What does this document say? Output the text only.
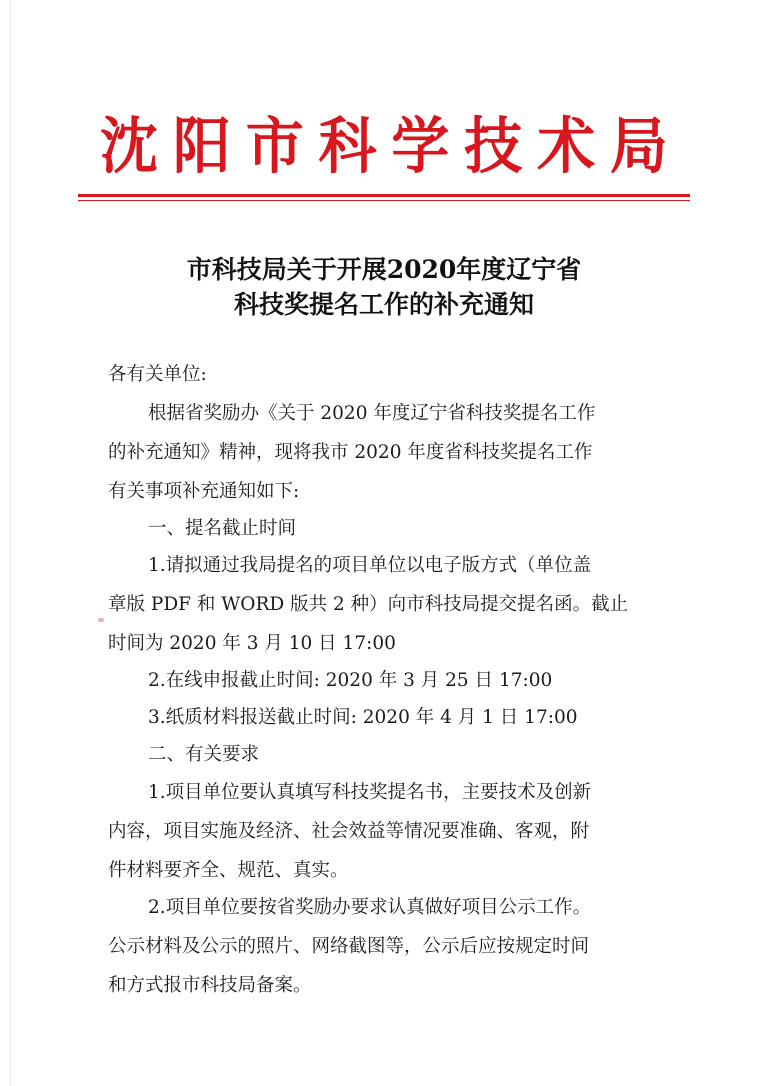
沈 阳 市 科 学 技 术 局
市科技局关于开展2020年度辽宁省
科技奖提名工作的补充通知
各有关单位:
根据省奖励办《关于 2020 年度辽宁省科技奖提名工作
的补充通知》精神，现将我市 2020 年度省科技奖提名工作
有关事项补充通知如下:
一、提名截止时间
1.请拟通过我局提名的项目单位以电子版方式（单位盖
章版 PDF 和 WORD 版共 2 种）向市科技局提交提名函。截止
时间为 2020 年 3 月 10 日 17:00
2.在线申报截止时间: 2020 年 3 月 25 日 17:00
3.纸质材料报送截止时间: 2020 年 4 月 1 日 17:00
二、有关要求
1.项目单位要认真填写科技奖提名书，主要技术及创新
内容，项目实施及经济、社会效益等情况要准确、客观，附
件材料要齐全、规范、真实。
2.项目单位要按省奖励办要求认真做好项目公示工作。
公示材料及公示的照片、网络截图等，公示后应按规定时间
和方式报市科技局备案。
